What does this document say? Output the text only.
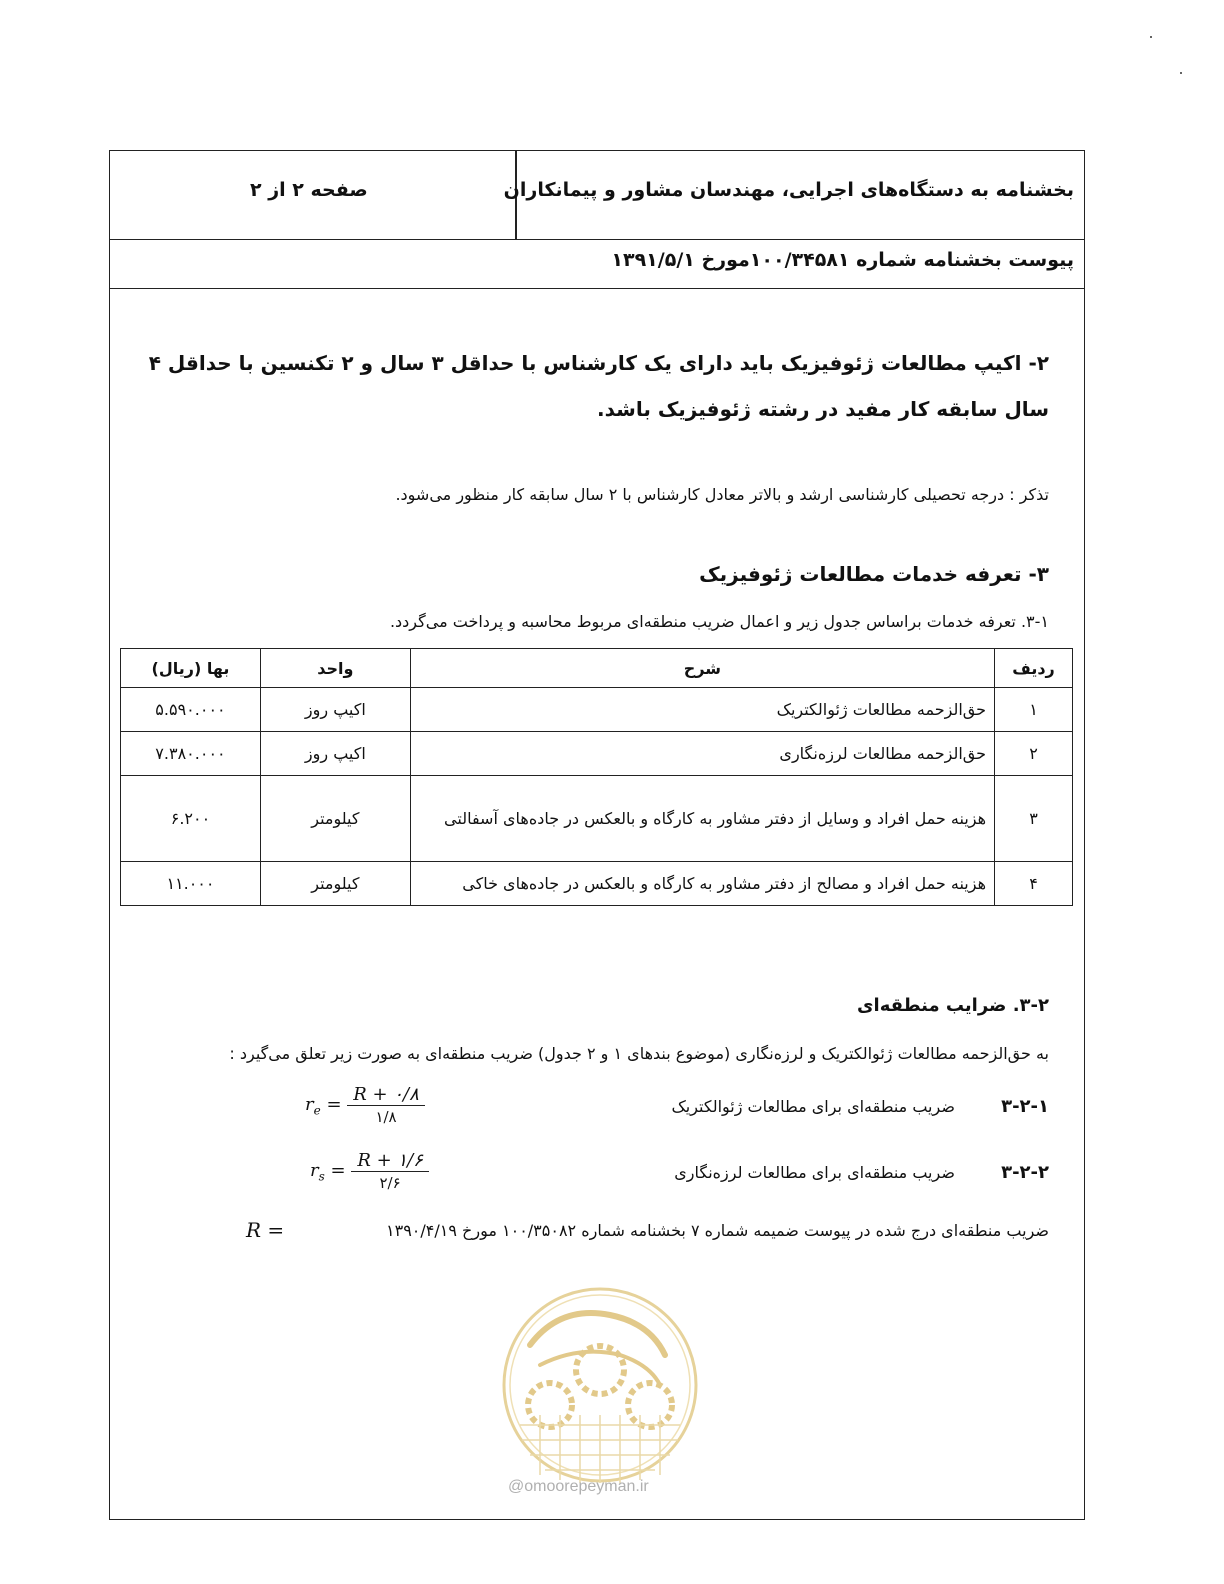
بخشنامه به دستگاه‌های اجرایی، مهندسان مشاور و پیمانکاران
صفحه ۲ از ۲
پیوست بخشنامه شماره ۱۰۰/۳۴۵۸۱مورخ ۱۳۹۱/۵/۱
۲- اکیپ مطالعات ژئوفیزیک باید دارای یک کارشناس با حداقل ۳ سال و ۲ تکنسین با حداقل ۴ سال سابقه کار مفید در رشته ژئوفیزیک باشد.
تذکر : درجه تحصیلی کارشناسی ارشد و بالاتر معادل کارشناس با ۲ سال سابقه کار منظور می‌شود.
۳- تعرفه خدمات مطالعات ژئوفیزیک
۳-۱. تعرفه خدمات براساس جدول زیر و اعمال ضریب منطقه‌ای مربوط محاسبه و پرداخت می‌گردد.
ردیف	شرح	واحد	بها (ریال)
۱	حق‌الزحمه مطالعات ژئوالکتریک	اکیپ روز	۵.۵۹۰.۰۰۰
۲	حق‌الزحمه مطالعات لرزه‌نگاری	اکیپ روز	۷.۳۸۰.۰۰۰
۳	هزینه حمل افراد و وسایل از دفتر مشاور به کارگاه و بالعکس در جاده‌های آسفالتی	کیلومتر	۶.۲۰۰
۴	هزینه حمل افراد و مصالح از دفتر مشاور به کارگاه و بالعکس در جاده‌های خاکی	کیلومتر	۱۱.۰۰۰
۳-۲. ضرایب منطقه‌ای
به حق‌الزحمه مطالعات ژئوالکتریک و لرزه‌نگاری (موضوع بندهای ۱ و ۲ جدول) ضریب منطقه‌ای به صورت زیر تعلق می‌گیرد :
۳-۲-۱  ضریب منطقه‌ای برای مطالعات ژئوالکتریک
$r_e = \frac{R + ۰/۸}{۱/۸}$
۳-۲-۲  ضریب منطقه‌ای برای مطالعات لرزه‌نگاری
$r_s = \frac{R + ۱/۶}{۲/۶}$
ضریب منطقه‌ای درج شده در پیوست ضمیمه شماره ۷ بخشنامه شماره ۱۰۰/۳۵۰۸۲ مورخ ۱۳۹۰/۴/۱۹
R =
@omoorepeyman.ir
